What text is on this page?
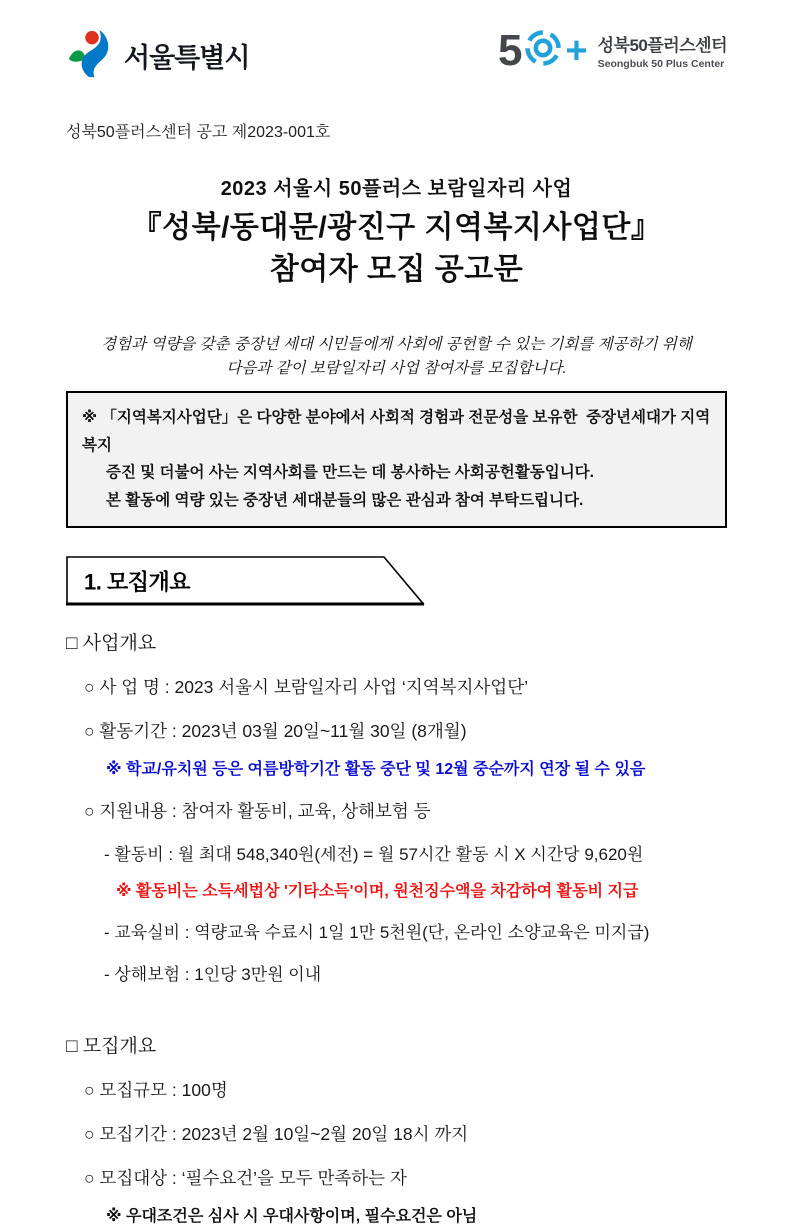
서울특별시	5 + 성북50플러스센터
Seongbuk 50 Plus Center
성북50플러스센터 공고 제2023-001호
2023 서울시 50플러스 보람일자리 사업
『성북/동대문/광진구 지역복지사업단』
참여자 모집 공고문
경험과 역량을 갖춘 중장년 세대 시민들에게 사회에 공헌할 수 있는 기회를 제공하기 위해
다음과 같이 보람일자리 사업 참여자를 모집합니다.
※ 「지역복지사업단」은 다양한 분야에서 사회적 경험과 전문성을 보유한  중장년세대가 지역복지
증진 및 더불어 사는 지역사회를 만드는 데 봉사하는 사회공헌활동입니다.
본 활동에 역량 있는 중장년 세대분들의 많은 관심과 참여 부탁드립니다.
1. 모집개요
□ 사업개요
○ 사 업 명 : 2023 서울시 보람일자리 사업 ‘지역복지사업단’
○ 활동기간 : 2023년 03월 20일~11월 30일 (8개월)
※ 학교/유치원 등은 여름방학기간 활동 중단 및 12월 중순까지 연장 될 수 있음
○ 지원내용 : 참여자 활동비, 교육, 상해보험 등
- 활동비 : 월 최대 548,340원(세전) = 월 57시간 활동 시 X 시간당 9,620원
※ 활동비는 소득세법상 '기타소득'이며, 원천징수액을 차감하여 활동비 지급
- 교육실비 : 역량교육 수료시 1일 1만 5천원(단, 온라인 소양교육은 미지급)
- 상해보험 : 1인당 3만원 이내
□ 모집개요
○ 모집규모 : 100명
○ 모집기간 : 2023년 2월 10일~2월 20일 18시 까지
○ 모집대상 : ‘필수요건’을 모두 만족하는 자
※ 우대조건은 심사 시 우대사항이며, 필수요건은 아님
